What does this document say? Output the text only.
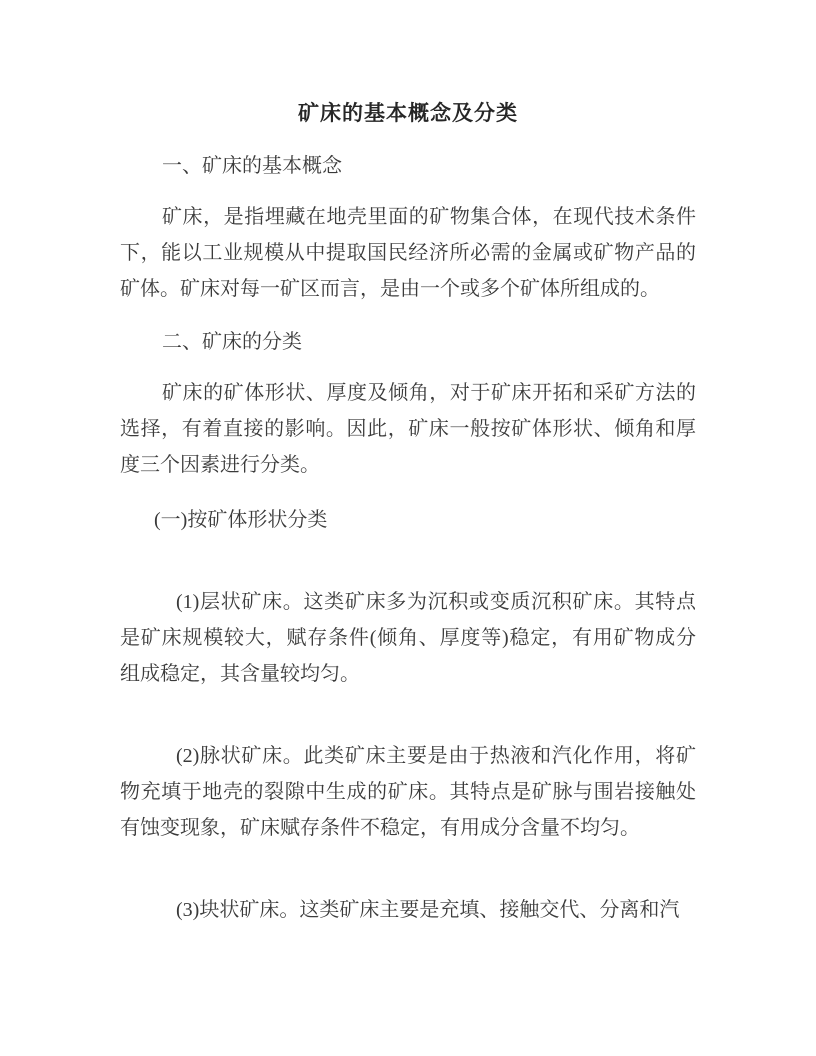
矿床的基本概念及分类
一、矿床的基本概念
矿床，是指埋藏在地壳里面的矿物集合体，在现代技术条件
下，能以工业规模从中提取国民经济所必需的金属或矿物产品的
矿体。矿床对每一矿区而言，是由一个或多个矿体所组成的。
二、矿床的分类
矿床的矿体形状、厚度及倾角，对于矿床开拓和采矿方法的
选择，有着直接的影响。因此，矿床一般按矿体形状、倾角和厚
度三个因素进行分类。
(一)按矿体形状分类
(1)层状矿床。这类矿床多为沉积或变质沉积矿床。其特点
是矿床规模较大，赋存条件(倾角、厚度等)稳定，有用矿物成分
组成稳定，其含量较均匀。
(2)脉状矿床。此类矿床主要是由于热液和汽化作用，将矿
物充填于地壳的裂隙中生成的矿床。其特点是矿脉与围岩接触处
有蚀变现象，矿床赋存条件不稳定，有用成分含量不均匀。
(3)块状矿床。这类矿床主要是充填、接触交代、分离和汽
